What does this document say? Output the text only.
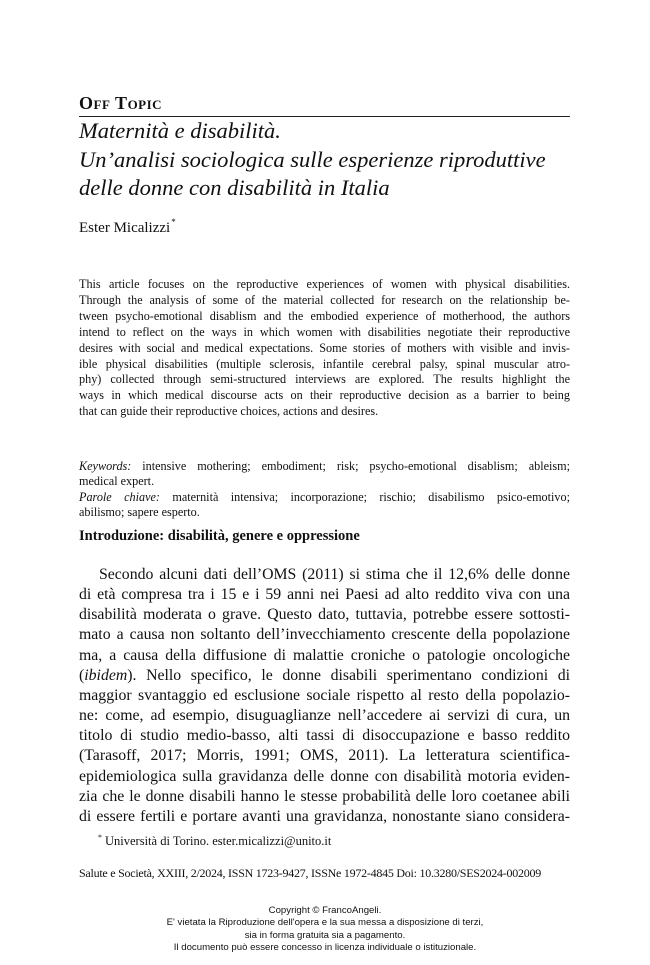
Off Topic
Maternità e disabilità.
Un’analisi sociologica sulle esperienze riproduttive
delle donne con disabilità in Italia
Ester Micalizzi*
This article focuses on the reproductive experiences of women with physical disabilities.
Through the analysis of some of the material collected for research on the relationship be-
tween psycho-emotional disablism and the embodied experience of motherhood, the authors
intend to reflect on the ways in which women with disabilities negotiate their reproductive
desires with social and medical expectations. Some stories of mothers with visible and invis-
ible physical disabilities (multiple sclerosis, infantile cerebral palsy, spinal muscular atro-
phy) collected through semi-structured interviews are explored. The results highlight the
ways in which medical discourse acts on their reproductive decision as a barrier to being
that can guide their reproductive choices, actions and desires.
Keywords: intensive mothering; embodiment; risk; psycho-emotional disablism; ableism;
medical expert.
Parole chiave: maternità intensiva; incorporazione; rischio; disabilismo psico-emotivo;
abilismo; sapere esperto.
Introduzione: disabilità, genere e oppressione
Secondo alcuni dati dell’OMS (2011) si stima che il 12,6% delle donne
di età compresa tra i 15 e i 59 anni nei Paesi ad alto reddito viva con una
disabilità moderata o grave. Questo dato, tuttavia, potrebbe essere sottosti-
mato a causa non soltanto dell’invecchiamento crescente della popolazione
ma, a causa della diffusione di malattie croniche o patologie oncologiche
(ibidem). Nello specifico, le donne disabili sperimentano condizioni di
maggior svantaggio ed esclusione sociale rispetto al resto della popolazio-
ne: come, ad esempio, disuguaglianze nell’accedere ai servizi di cura, un
titolo di studio medio-basso, alti tassi di disoccupazione e basso reddito
(Tarasoff, 2017; Morris, 1991; OMS, 2011). La letteratura scientifica-
epidemiologica sulla gravidanza delle donne con disabilità motoria eviden-
zia che le donne disabili hanno le stesse probabilità delle loro coetanee abili
di essere fertili e portare avanti una gravidanza, nonostante siano considera-
* Università di Torino. ester.micalizzi@unito.it
Salute e Società, XXIII, 2/2024, ISSN 1723-9427, ISSNe 1972-4845 Doi: 10.3280/SES2024-002009
Copyright © FrancoAngeli.
E' vietata la Riproduzione dell'opera e la sua messa a disposizione di terzi,
sia in forma gratuita sia a pagamento.
Il documento può essere concesso in licenza individuale o istituzionale.
